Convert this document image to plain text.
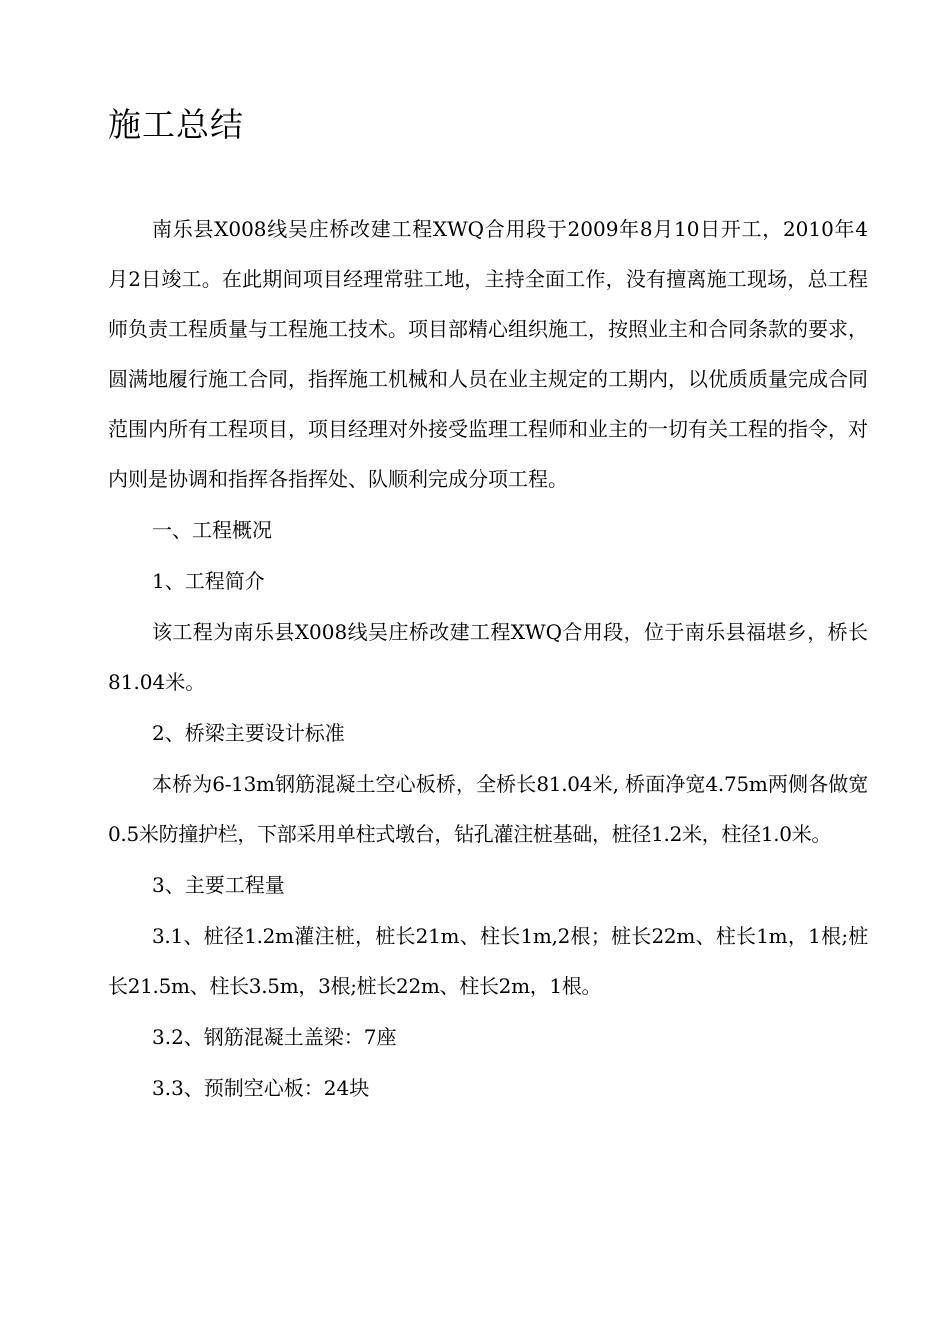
施工总结

南乐县X008线吴庄桥改建工程XWQ合用段于2009年8月10日开工，2010年4月2日竣工。在此期间项目经理常驻工地，主持全面工作，没有擅离施工现场，总工程师负责工程质量与工程施工技术。项目部精心组织施工，按照业主和合同条款的要求，圆满地履行施工合同，指挥施工机械和人员在业主规定的工期内，以优质质量完成合同范围内所有工程项目，项目经理对外接受监理工程师和业主的一切有关工程的指令，对内则是协调和指挥各指挥处、队顺利完成分项工程。

一、工程概况

1、工程简介

该工程为南乐县X008线吴庄桥改建工程XWQ合用段，位于南乐县福堪乡，桥长81.04米。

2、桥梁主要设计标准

本桥为6-13m钢筋混凝土空心板桥，全桥长81.04米, 桥面净宽4.75m两侧各做宽0.5米防撞护栏，下部采用单柱式墩台，钻孔灌注桩基础，桩径1.2米，柱径1.0米。

3、主要工程量

3.1、桩径1.2m灌注桩，桩长21m、柱长1m,2根；桩长22m、柱长1m，1根;桩长21.5m、柱长3.5m，3根;桩长22m、柱长2m，1根。

3.2、钢筋混凝土盖梁：7座

3.3、预制空心板：24块
